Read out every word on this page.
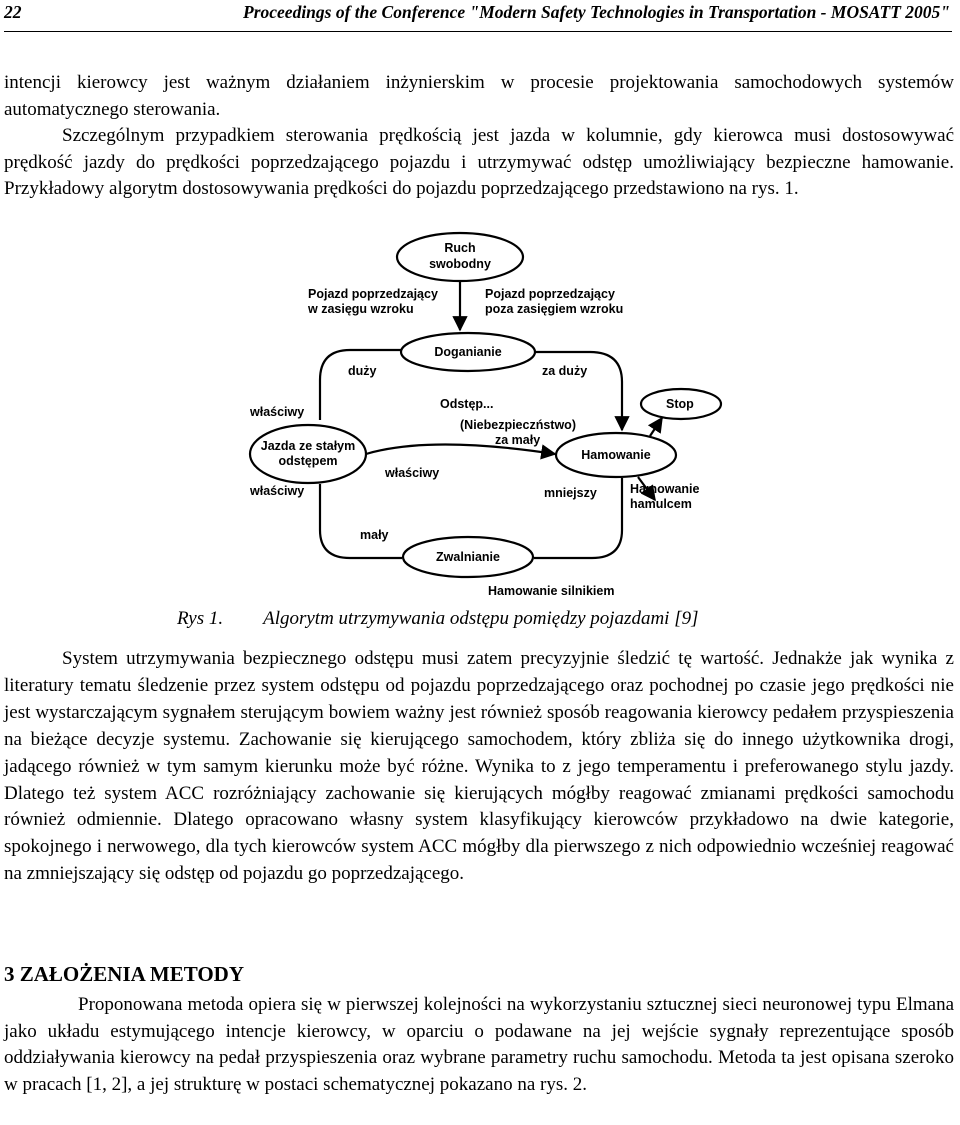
22	Proceedings of the Conference "Modern Safety Technologies in Transportation - MOSATT 2005"

intencji kierowcy jest ważnym działaniem inżynierskim w procesie projektowania samochodowych systemów automatycznego sterowania.
Szczególnym przypadkiem sterowania prędkością jest jazda w kolumnie, gdy kierowca musi dostosowywać prędkość jazdy do prędkości poprzedzającego pojazdu i utrzymywać odstęp umożliwiający bezpieczne hamowanie. Przykładowy algorytm dostosowywania prędkości do pojazdu poprzedzającego przedstawiono na rys. 1.

Ruch
swobodny
Pojazd poprzedzający
w zasięgu wzroku
Pojazd poprzedzający
poza zasięgiem wzroku
Doganianie
duży	za duży
właściwy
Odstęp...
(Niebezpieczństwo)
za mały
Stop
Jazda ze stałym
odstępem	Hamowanie
właściwy
właściwy	mniejszy	Hamowanie
hamulcem
mały
Zwalnianie
Hamowanie silnikiem
Rys 1. Algorytm utrzymywania odstępu pomiędzy pojazdami [9]

System utrzymywania bezpiecznego odstępu musi zatem precyzyjnie śledzić tę wartość. Jednakże jak wynika z literatury tematu śledzenie przez system odstępu od pojazdu poprzedzającego oraz pochodnej po czasie jego prędkości nie jest wystarczającym sygnałem sterującym bowiem ważny jest również sposób reagowania kierowcy pedałem przyspieszenia na bieżące decyzje systemu. Zachowanie się kierującego samochodem, który zbliża się do innego użytkownika drogi, jadącego również w tym samym kierunku może być różne. Wynika to z jego temperamentu i preferowanego stylu jazdy. Dlatego też system ACC rozróżniający zachowanie się kierujących mógłby reagować zmianami prędkości samochodu również odmiennie. Dlatego opracowano własny system klasyfikujący kierowców przykładowo na dwie kategorie, spokojnego i nerwowego, dla tych kierowców system ACC mógłby dla pierwszego z nich odpowiednio wcześniej reagować na zmniejszający się odstęp od pojazdu go poprzedzającego.

3 ZAŁOŻENIA METODY

Proponowana metoda opiera się w pierwszej kolejności na wykorzystaniu sztucznej sieci neuronowej typu Elmana jako układu estymującego intencje kierowcy, w oparciu o podawane na jej wejście sygnały reprezentujące sposób oddziaływania kierowcy na pedał przyspieszenia oraz wybrane parametry ruchu samochodu. Metoda ta jest opisana szeroko w pracach [1, 2], a jej strukturę w postaci schematycznej pokazano na rys. 2.
